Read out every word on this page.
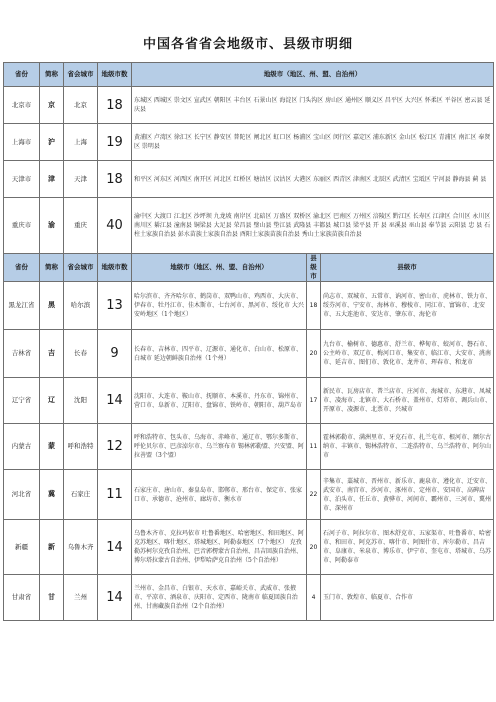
中国各省省会地级市、县级市明细
省份	简称	省会城市	地级市数	地级市（地区、州、盟、自治州）		
北京市	京	北京	18	东城区 西城区 崇文区 宣武区 朝阳区 丰台区 石景山区 海淀区 门头沟区 房山区 通州区 顺义区 昌平区 大兴区 怀柔区 平谷区 密云县 延庆县		
上海市	沪	上海	19	黄浦区 卢湾区 徐汇区 长宁区 静安区 普陀区 闸北区 虹口区 杨浦区 宝山区 闵行区 嘉定区 浦东新区 金山区 松江区 青浦区 南汇区 奉贤区 崇明县		
天津市	津	天津	18	和平区 河东区 河西区 南开区 河北区 红桥区 塘沽区 汉沽区 大港区 东丽区 西青区 津南区 北辰区 武清区 宝坻区 宁河县 静海县 蓟 县		
重庆市	渝	重庆	40	渝中区 大渡口 江北区 沙坪坝 九龙坡 南岸区 北碚区 万盛区 双桥区 渝北区 巴南区 万州区 涪陵区 黔江区 长寿区 江津区 合川区 永川区 南川区 綦江县 潼南县 铜梁县 大足县 荣昌县 璧山县 垫江县 武隆县 丰都县 城口县 梁平县 开 县 巫溪县 巫山县 奉节县 云阳县 忠 县 石柱土家族自治县 彭水苗族土家族自治县 酉阳土家族苗族自治县 秀山土家族苗族自治县		
省份	简称	省会城市	地级市数	地级市（地区、州、盟、自治州）	县级市	县级市
黑龙江省	黑	哈尔滨	13	哈尔滨市、齐齐哈尔市、鹤岗市、双鸭山市、鸡西市、大庆市、伊春市、牡丹江市、佳木斯市、七台河市、黑河市、绥化市 大兴安岭地区（1个地区）	18	尚志市、双城市、五常市、讷河市、密山市、虎林市、铁力市、绥芬河市、宁安市、海林市、穆棱市、同江市、富锦市、北安市、五大连池市、安达市、肇东市、海伦市
吉林省	吉	长春	9	长春市、吉林市、四平市、辽源市、通化市、白山市、松原市、白城市 延边朝鲜族自治州（1个州）	20	九台市、榆树市、德惠市、舒兰市、桦甸市、蛟河市、磐石市、公主岭市、双辽市、梅河口市、集安市、临江市、大安市、洮南市、延吉市、图们市、敦化市、龙井市、珲春市、和龙市
辽宁省	辽	沈阳	14	沈阳市、大连市、鞍山市、抚顺市、本溪市、丹东市、锦州市、营口市、阜新市、辽阳市、盘锦市、铁岭市、朝阳市、葫芦岛市	17	新民市、瓦房店市、普兰店市、庄河市、海城市、东港市、凤城市、凌海市、北镇市、大石桥市、盖州市、灯塔市、调兵山市、开原市、凌源市、北票市、兴城市
内蒙古	蒙	呼和浩特	12	呼和浩特市、包头市、乌海市、赤峰市、通辽市、鄂尔多斯市、呼伦贝尔市、巴彦淖尔市、乌兰察布市 锡林郭勒盟、兴安盟、阿拉善盟（3个盟）	11	霍林郭勒市、满洲里市、牙克石市、扎兰屯市、根河市、额尔古纳市、丰镇市、锡林浩特市、二连浩特市、乌兰浩特市、阿尔山市
河北省	冀	石家庄	11	石家庄市、唐山市、秦皇岛市、邯郸市、邢台市、保定市、张家口市、承德市、沧州市、廊坊市、衡水市	22	辛集市、藁城市、晋州市、新乐市、鹿泉市、遵化市、迁安市、武安市、南宫市、沙河市、涿州市、定州市、安国市、高碑店市、泊头市、任丘市、黄骅市、河间市、霸州市、三河市、冀州市、深州市
新疆	新	乌鲁木齐	14	乌鲁木齐市、克拉玛依市 吐鲁番地区、哈密地区、和田地区、阿克苏地区、喀什地区、塔城地区、阿勒泰地区（7个地区） 克孜勒苏柯尔克孜自治州、巴音郭楞蒙古自治州、昌吉回族自治州、博尔塔拉蒙古自治州、伊犁哈萨克自治州（5个自治州）	20	石河子市、阿拉尔市、图木舒克市、五家渠市、吐鲁番市、哈密市、和田市、阿克苏市、喀什市、阿图什市、库尔勒市、昌吉市、阜康市、米泉市、博乐市、伊宁市、奎屯市、塔城市、乌苏市、阿勒泰市
甘肃省	甘	兰州	14	兰州市、金昌市、白银市、天水市、嘉峪关市、武威市、张掖市、平凉市、酒泉市、庆阳市、定西市、陇南市 临夏回族自治州、甘南藏族自治州（2个自治州）	4	玉门市、敦煌市、临夏市、合作市
